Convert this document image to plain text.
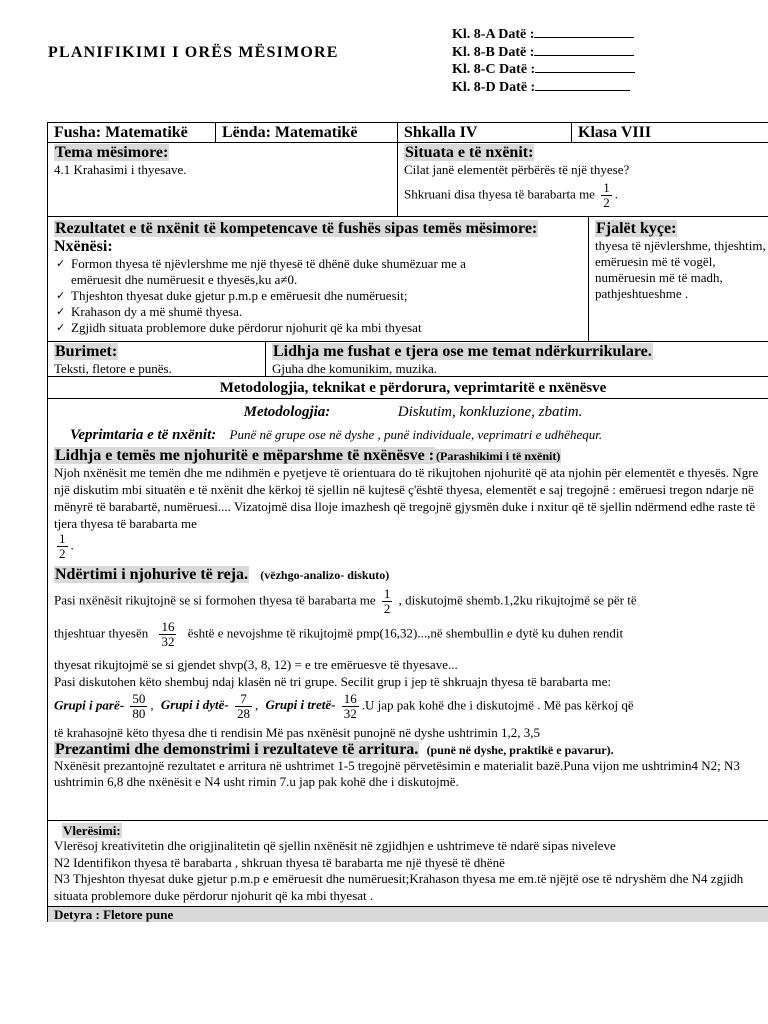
PLANIFIKIMI I ORËS MËSIMORE
Kl. 8-A Datë :
Kl. 8-B Datë :
Kl. 8-C Datë :
Kl. 8-D Datë :
Fusha: Matematikë	Lënda: Matematikë	Shkalla IV	Klasa VIII
Tema mësimore:
4.1 Krahasimi i thyesave.
Situata e të nxënit:
Cilat janë elementët përbërës të një thyese?
Shkruani disa thyesa të barabarta me $\frac{1}{2}$ .
Rezultatet e të nxënit të kompetencave të fushës sipas temës mësimore:
Nxënësi:
✓ Formon thyesa të njëvlershme me një thyesë të dhënë duke shumëzuar me a
emëruesit dhe numëruesit e thyesës,ku a≠0.
✓ Thjeshton thyesat duke gjetur p.m.p e emëruesit dhe numëruesit;
✓ Krahason dy a më shumë thyesa.
✓ Zgjidh situata problemore duke përdorur njohurit që ka mbi thyesat
Fjalët kyçe:
thyesa të njëvlershme, thjeshtim, emëruesin më të vogël, numëruesin më të madh, pathjeshtueshme .
Burimet:
Teksti, fletore e punës.
Lidhja me fushat e tjera ose me temat ndërkurrikulare.
Gjuha dhe komunikim, muzika.
Metodologjia, teknikat e përdorura, veprimtaritë e nxënësve
Metodologjia:	Diskutim, konkluzione, zbatim.
Veprimtaria e të nxënit: Punë në grupe ose në dyshe , punë individuale, veprimatri e udhëhequr.
Lidhja e temës me njohuritë e mëparshme të nxënësve : (Parashikimi i të nxënit)
Njoh nxënësit me temën dhe me ndihmën e pyetjeve të orientuara do të rikujtohen njohuritë që ata njohin për elementët e thyesës. Ngre një diskutim mbi situatën e të nxënit dhe kërkoj të sjellin në kujtesë ç'është thyesa, elementët e saj tregojnë : emëruesi tregon ndarje në mënyrë të barabartë, numëruesi.... Vizatojmë disa lloje imazhesh që tregojnë gjysmën duke i nxitur që të sjellin ndërmend edhe raste të tjera thyesa të barabarta me

$\frac{1}{2}$ .
Ndërtimi i njohurive të reja. (vëzhgo-analizo- diskuto)
Pasi nxënësit rikujtojnë se si formohen thyesa të barabarta me $\frac{1}{2}$ , diskutojmë shemb.1,2ku rikujtojmë se për të
thjeshtuar thyesën $\frac{16}{32}$ është e nevojshme të rikujtojmë pmp(16,32)...,në shembullin e dytë ku duhen rendit
thyesat rikujtojmë se si gjendet shvp(3, 8, 12) = e tre emëruesve të thyesave...
Pasi diskutohen këto shembuj ndaj klasën në tri grupe. Secilit grup i jep të shkruajn thyesa të barabarta me:
Grupi i parë- $\frac{50}{80}$ , Grupi i dytë- $\frac{7}{28}$ , Grupi i tretë- $\frac{16}{32} .U$ jap pak kohë dhe i diskutojmë . Më pas kërkoj që
të krahasojnë këto thyesa dhe ti rendisin Më pas nxënësit punojnë në dyshe ushtrimin 1,2, 3,5
Prezantimi dhe demonstrimi i rezultateve të arritura. (punë në dyshe, praktikë e pavarur).
Nxënësit prezantojnë rezultatet e arritura në ushtrimet 1-5 tregojnë përvetësimin e materialit bazë.Puna vijon me ushtrimin4 N2; N3 ushtrimin 6,8 dhe nxënësit e N4 usht rimin 7.u jap pak kohë dhe i diskutojmë.
Vlerësimi:
Vlerësoj kreativitetin dhe origjinalitetin që sjellin nxënësit në zgjidhjen e ushtrimeve të ndarë sipas niveleve
N2 Identifikon thyesa të barabarta , shkruan thyesa të barabarta me një thyesë të dhënë
N3 Thjeshton thyesat duke gjetur p.m.p e emëruesit dhe numëruesit;Krahason thyesa me em.të njëjtë ose të ndryshëm dhe N4 zgjidh situata problemore duke përdorur njohurit që ka mbi thyesat .
Detyra : Fletore pune
